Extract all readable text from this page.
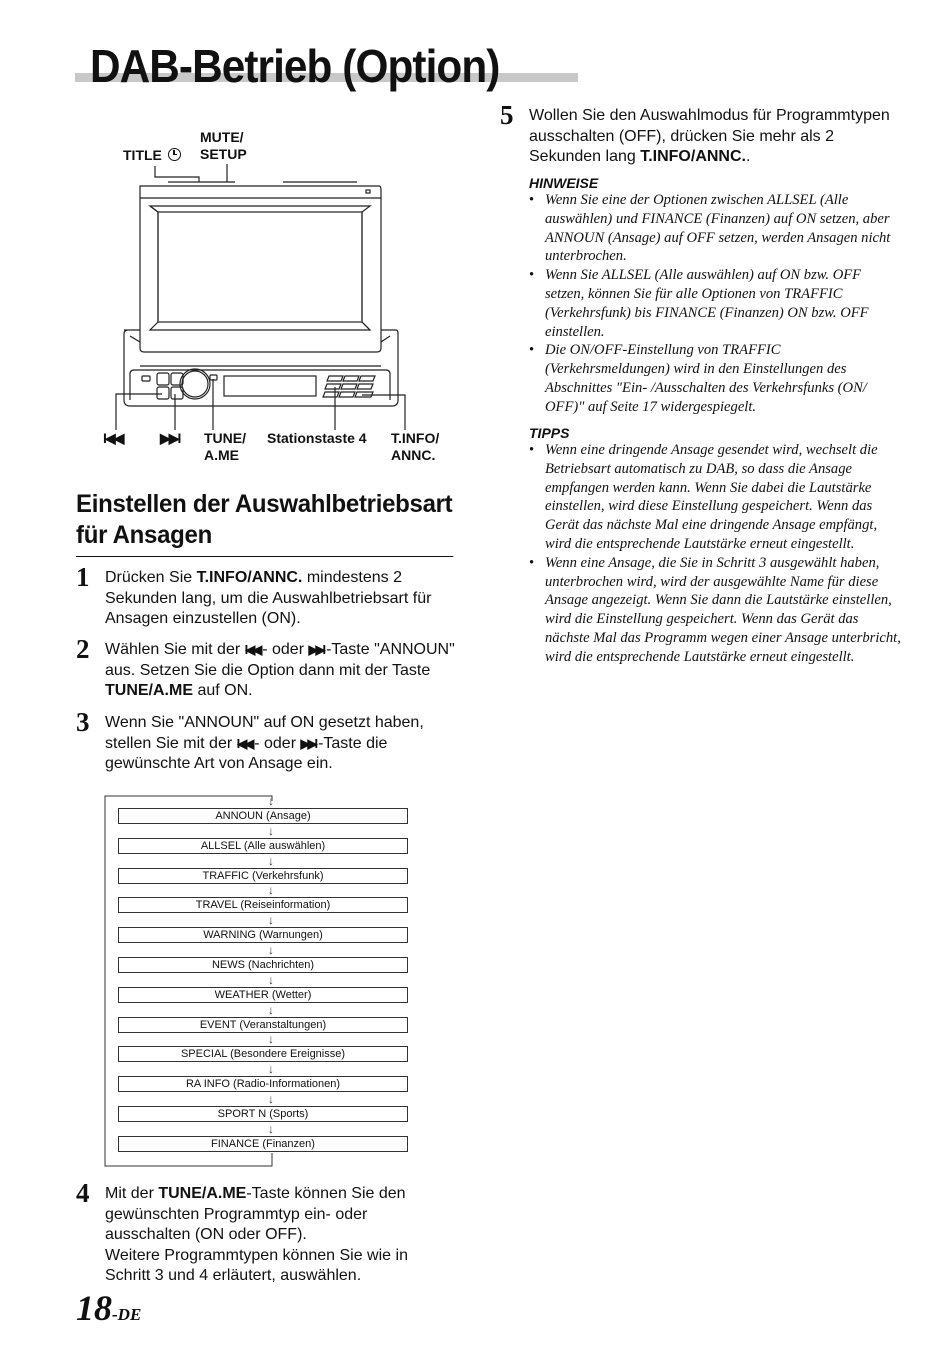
DAB-Betrieb (Option)
TITLE
MUTE/
SETUP
I◀◀	▶▶I TUNE/
A.ME
Stationstaste 4 T.INFO/
ANNC.
Einstellen der Auswahlbetriebsart für Ansagen
1 Drücken Sie T.INFO/ANNC. mindestens 2 Sekunden lang, um die Auswahlbetriebsart für Ansagen einzustellen (ON).
2 Wählen Sie mit der I◀◀ - oder ▶▶I -Taste "ANNOUN" aus. Setzen Sie die Option dann mit der Taste TUNE/A.ME auf ON.
3 Wenn Sie "ANNOUN" auf ON gesetzt haben, stellen Sie mit der I◀◀ - oder ▶▶I -Taste die gewünschte Art von Ansage ein.
↓
ANNOUN (Ansage)
↓
ALLSEL (Alle auswählen)
↓
TRAFFIC (Verkehrsfunk)
↓
TRAVEL (Reiseinformation)
↓
WARNING (Warnungen)
↓
NEWS (Nachrichten)
↓
WEATHER (Wetter)
↓
EVENT (Veranstaltungen)
↓
SPECIAL (Besondere Ereignisse)
↓
RA INFO (Radio-Informationen)
↓
SPORT N (Sports)
↓
FINANCE (Finanzen)
4 Mit der TUNE/A.ME-Taste können Sie den gewünschten Programmtyp ein- oder ausschalten (ON oder OFF).
Weitere Programmtypen können Sie wie in Schritt 3 und 4 erläutert, auswählen.
18-DE
5 Wollen Sie den Auswahlmodus für Programmtypen ausschalten (OFF), drücken Sie mehr als 2 Sekunden lang T.INFO/ANNC..
HINWEISE
• Wenn Sie eine der Optionen zwischen ALLSEL (Alle auswählen) und FINANCE (Finanzen) auf ON setzen, aber ANNOUN (Ansage) auf OFF setzen, werden Ansagen nicht unterbrochen.
• Wenn Sie ALLSEL (Alle auswählen) auf ON bzw. OFF setzen, können Sie für alle Optionen von TRAFFIC (Verkehrsfunk) bis FINANCE (Finanzen) ON bzw. OFF einstellen.
• Die ON/OFF-Einstellung von TRAFFIC (Verkehrsmeldungen) wird in den Einstellungen des Abschnittes "Ein- /Ausschalten des Verkehrsfunks (ON/ OFF)" auf Seite 17 widergespiegelt.
TIPPS
• Wenn eine dringende Ansage gesendet wird, wechselt die Betriebsart automatisch zu DAB, so dass die Ansage empfangen werden kann. Wenn Sie dabei die Lautstärke einstellen, wird diese Einstellung gespeichert. Wenn das Gerät das nächste Mal eine dringende Ansage empfängt, wird die entsprechende Lautstärke erneut eingestellt.
• Wenn eine Ansage, die Sie in Schritt 3 ausgewählt haben, unterbrochen wird, wird der ausgewählte Name für diese Ansage angezeigt. Wenn Sie dann die Lautstärke einstellen, wird die Einstellung gespeichert. Wenn das Gerät das nächste Mal das Programm wegen einer Ansage unterbricht, wird die entsprechende Lautstärke erneut eingestellt.
